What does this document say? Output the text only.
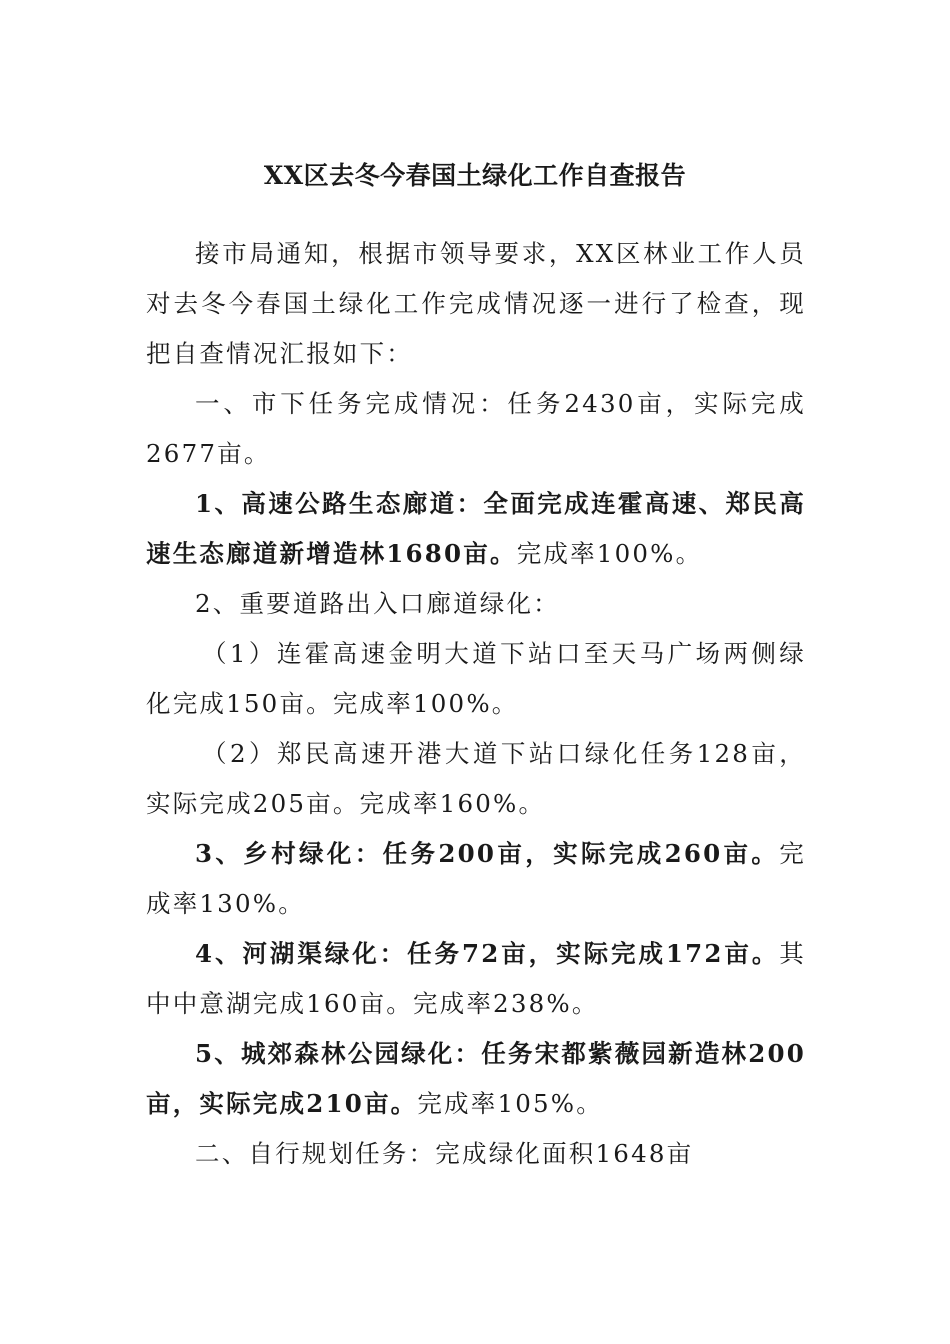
XX区去冬今春国土绿化工作自查报告

接市局通知，根据市领导要求，XX区林业工作人员对去冬今春国土绿化工作完成情况逐一进行了检查，现把自查情况汇报如下：

一、市下任务完成情况：任务2430亩，实际完成2677亩。

1、高速公路生态廊道：全面完成连霍高速、郑民高速生态廊道新增造林1680亩。完成率100%。

2、重要道路出入口廊道绿化：

（1）连霍高速金明大道下站口至天马广场两侧绿化完成150亩。完成率100%。

（2）郑民高速开港大道下站口绿化任务128亩，实际完成205亩。完成率160%。

3、乡村绿化：任务200亩，实际完成260亩。完成率130%。

4、河湖渠绿化：任务72亩，实际完成172亩。其中中意湖完成160亩。完成率238%。

5、城郊森林公园绿化：任务宋都紫薇园新造林200亩，实际完成210亩。完成率105%。

二、自行规划任务：完成绿化面积1648亩
